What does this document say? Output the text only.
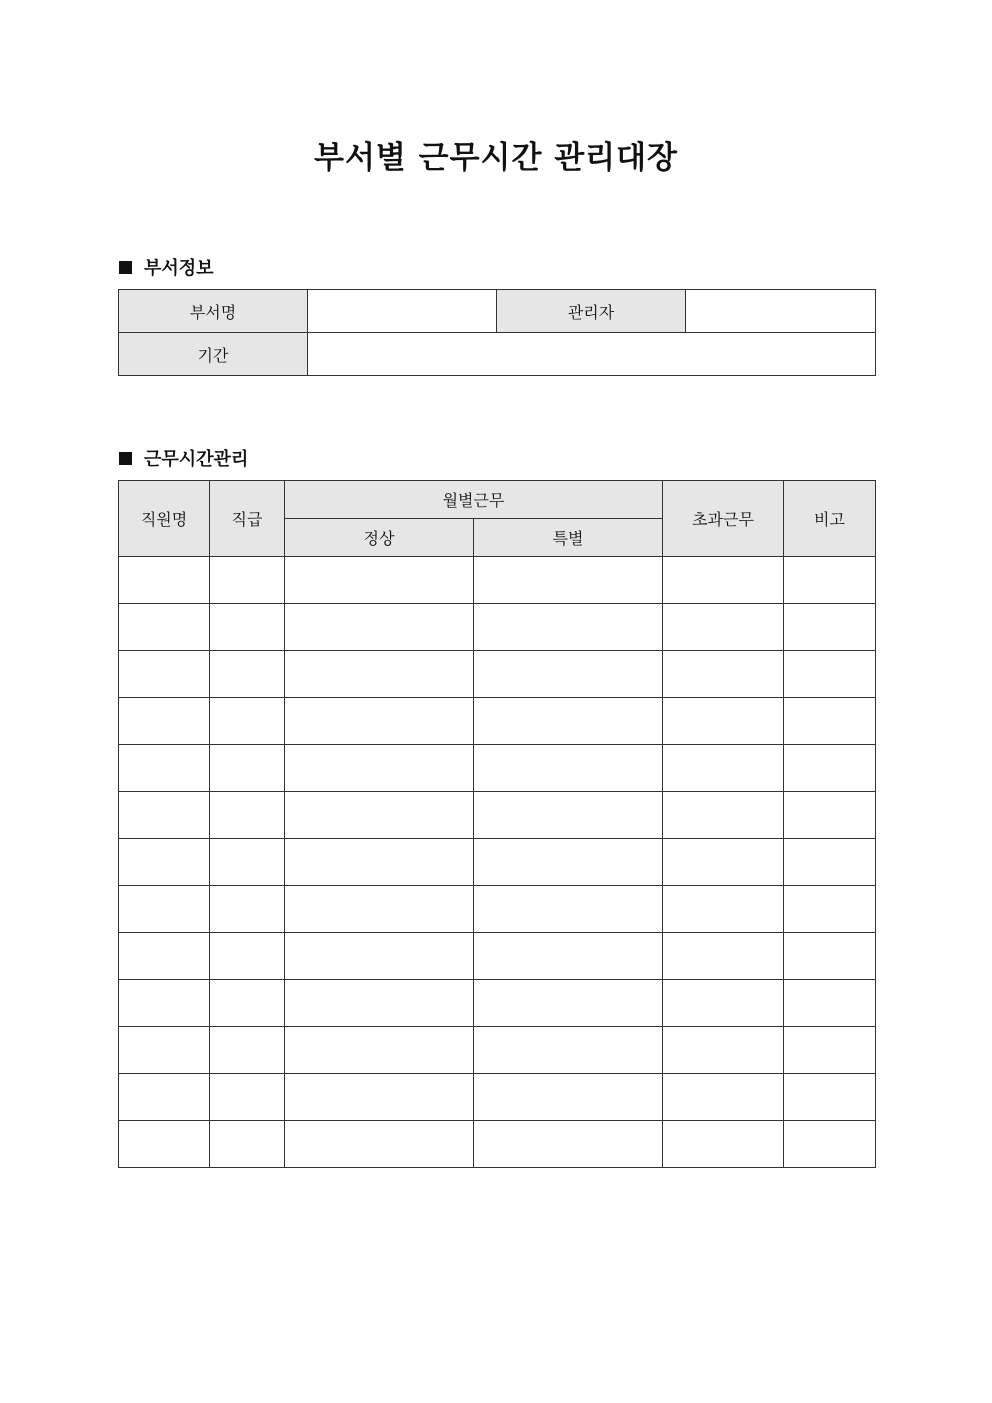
부서별 근무시간 관리대장
부서정보
부서명		관리자	
기간			
근무시간관리
직원명	직급	월별근무		초과근무	비고
		정상	특별		
